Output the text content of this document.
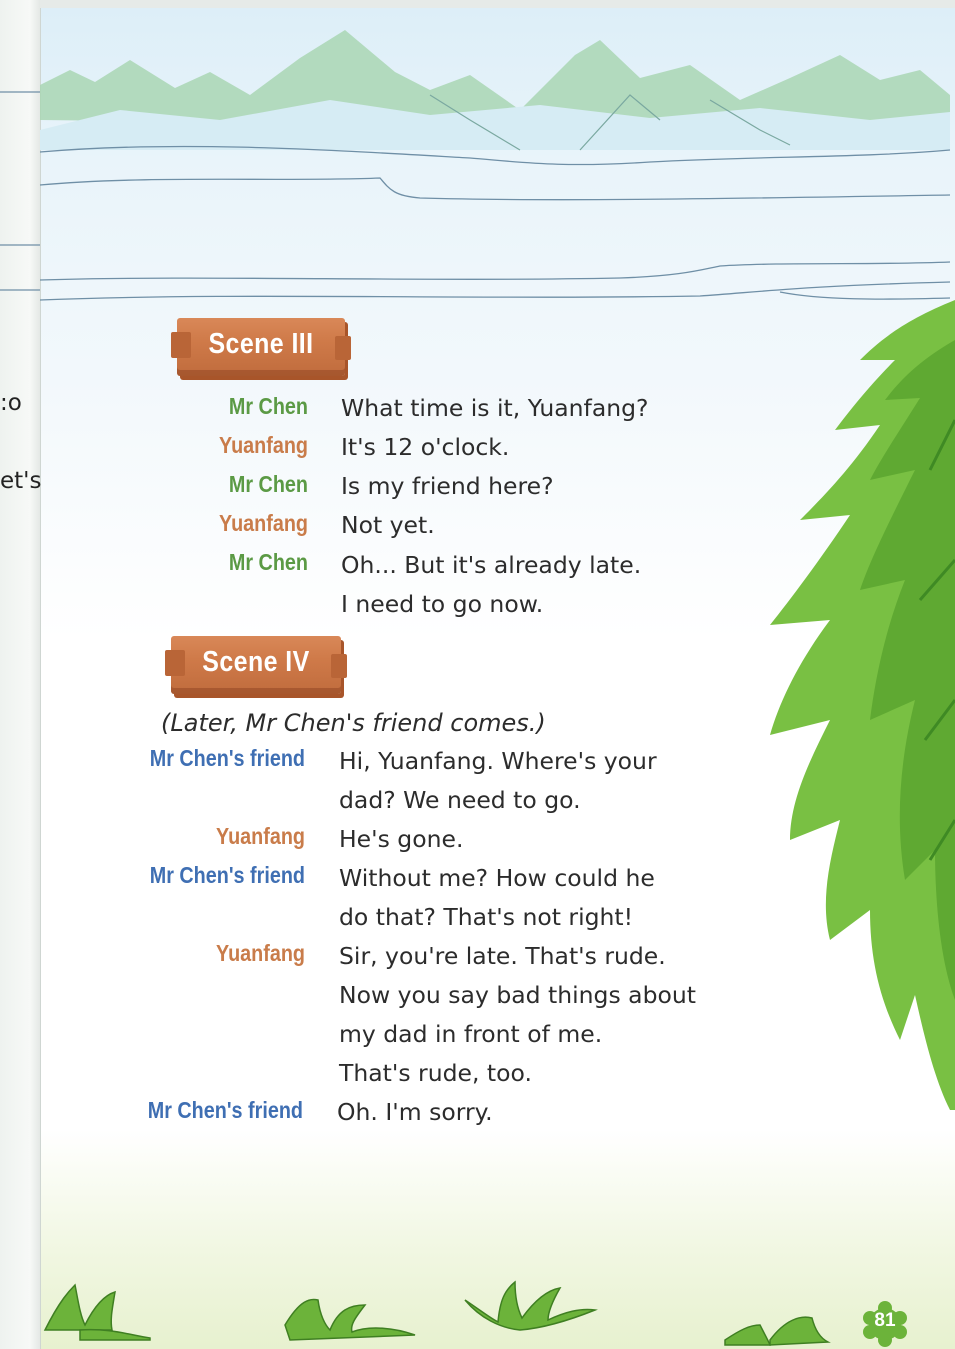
:o
et's
Scene III
Mr Chen What time is it, Yuanfang?
Yuanfang It's 12 o'clock.
Mr Chen Is my friend here?
Yuanfang Not yet.
Mr Chen Oh... But it's already late.
I need to go now.
Scene IV
(Later, Mr Chen's friend comes.)
Mr Chen's friend Hi, Yuanfang. Where's your
dad? We need to go.
Yuanfang He's gone.
Mr Chen's friend Without me? How could he
do that? That's not right!
Yuanfang Sir, you're late. That's rude.
Now you say bad things about
my dad in front of me.
That's rude, too.
Mr Chen's friend Oh. I'm sorry.
81
